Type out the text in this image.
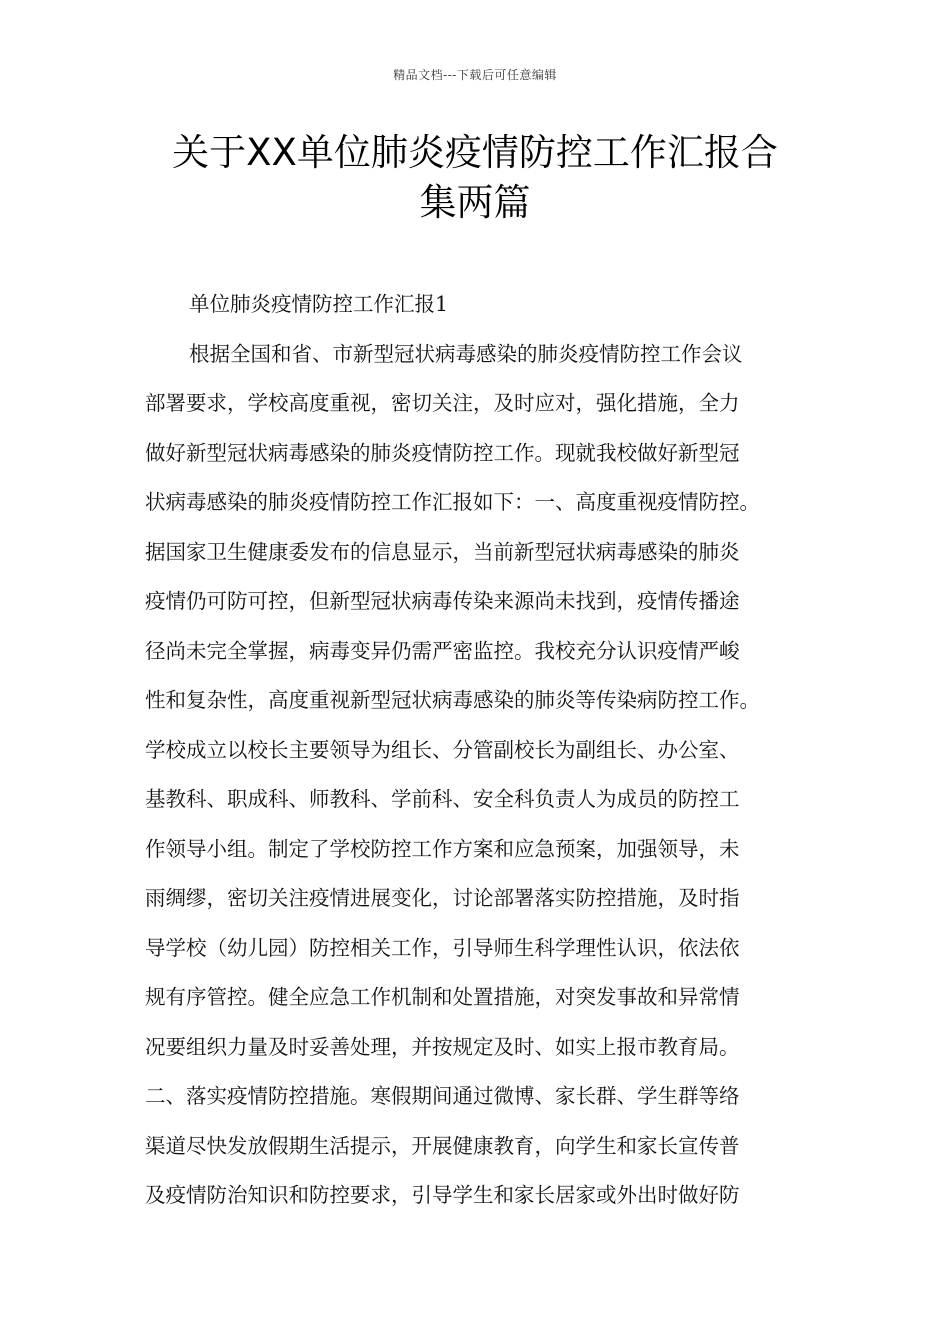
精品文档---下载后可任意编辑
关于XX单位肺炎疫情防控工作汇报合
集两篇
单位肺炎疫情防控工作汇报1
根据全国和省、市新型冠状病毒感染的肺炎疫情防控工作会议
部署要求，学校高度重视，密切关注，及时应对，强化措施，全力
做好新型冠状病毒感染的肺炎疫情防控工作。现就我校做好新型冠
状病毒感染的肺炎疫情防控工作汇报如下：一、高度重视疫情防控。
据国家卫生健康委发布的信息显示，当前新型冠状病毒感染的肺炎
疫情仍可防可控，但新型冠状病毒传染来源尚未找到，疫情传播途
径尚未完全掌握，病毒变异仍需严密监控。我校充分认识疫情严峻
性和复杂性，高度重视新型冠状病毒感染的肺炎等传染病防控工作。
学校成立以校长主要领导为组长、分管副校长为副组长、办公室、
基教科、职成科、师教科、学前科、安全科负责人为成员的防控工
作领导小组。制定了学校防控工作方案和应急预案，加强领导，未
雨绸缪，密切关注疫情进展变化，讨论部署落实防控措施，及时指
导学校（幼儿园）防控相关工作，引导师生科学理性认识，依法依
规有序管控。健全应急工作机制和处置措施，对突发事故和异常情
况要组织力量及时妥善处理，并按规定及时、如实上报市教育局。
二、落实疫情防控措施。寒假期间通过微博、家长群、学生群等络
渠道尽快发放假期生活提示，开展健康教育，向学生和家长宣传普
及疫情防治知识和防控要求，引导学生和家长居家或外出时做好防
